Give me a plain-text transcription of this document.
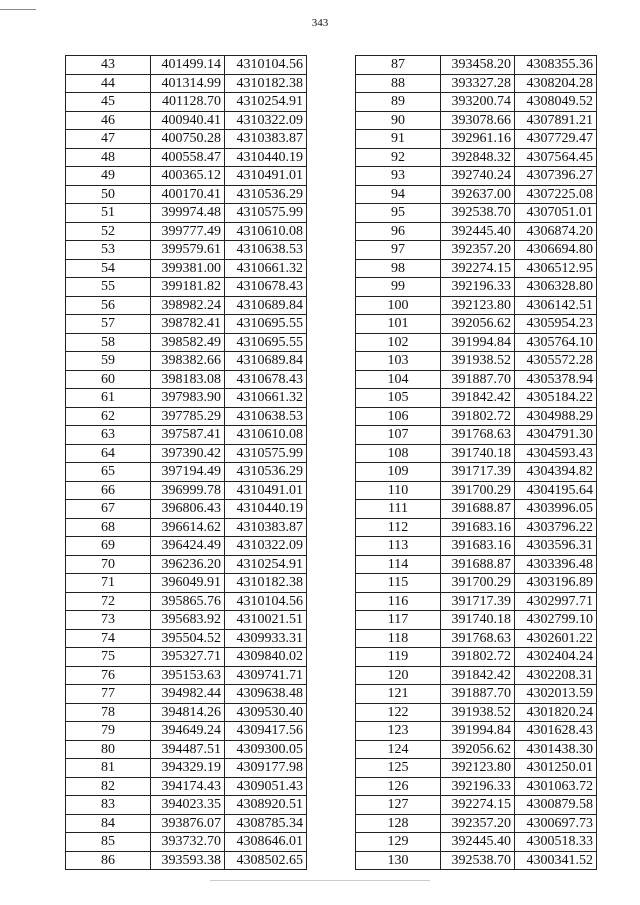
343
43	401499.14	4310104.56
44	401314.99	4310182.38
45	401128.70	4310254.91
46	400940.41	4310322.09
47	400750.28	4310383.87
48	400558.47	4310440.19
49	400365.12	4310491.01
50	400170.41	4310536.29
51	399974.48	4310575.99
52	399777.49	4310610.08
53	399579.61	4310638.53
54	399381.00	4310661.32
55	399181.82	4310678.43
56	398982.24	4310689.84
57	398782.41	4310695.55
58	398582.49	4310695.55
59	398382.66	4310689.84
60	398183.08	4310678.43
61	397983.90	4310661.32
62	397785.29	4310638.53
63	397587.41	4310610.08
64	397390.42	4310575.99
65	397194.49	4310536.29
66	396999.78	4310491.01
67	396806.43	4310440.19
68	396614.62	4310383.87
69	396424.49	4310322.09
70	396236.20	4310254.91
71	396049.91	4310182.38
72	395865.76	4310104.56
73	395683.92	4310021.51
74	395504.52	4309933.31
75	395327.71	4309840.02
76	395153.63	4309741.71
77	394982.44	4309638.48
78	394814.26	4309530.40
79	394649.24	4309417.56
80	394487.51	4309300.05
81	394329.19	4309177.98
82	394174.43	4309051.43
83	394023.35	4308920.51
84	393876.07	4308785.34
85	393732.70	4308646.01
86	393593.38	4308502.65
87	393458.20	4308355.36
88	393327.28	4308204.28
89	393200.74	4308049.52
90	393078.66	4307891.21
91	392961.16	4307729.47
92	392848.32	4307564.45
93	392740.24	4307396.27
94	392637.00	4307225.08
95	392538.70	4307051.01
96	392445.40	4306874.20
97	392357.20	4306694.80
98	392274.15	4306512.95
99	392196.33	4306328.80
100	392123.80	4306142.51
101	392056.62	4305954.23
102	391994.84	4305764.10
103	391938.52	4305572.28
104	391887.70	4305378.94
105	391842.42	4305184.22
106	391802.72	4304988.29
107	391768.63	4304791.30
108	391740.18	4304593.43
109	391717.39	4304394.82
110	391700.29	4304195.64
111	391688.87	4303996.05
112	391683.16	4303796.22
113	391683.16	4303596.31
114	391688.87	4303396.48
115	391700.29	4303196.89
116	391717.39	4302997.71
117	391740.18	4302799.10
118	391768.63	4302601.22
119	391802.72	4302404.24
120	391842.42	4302208.31
121	391887.70	4302013.59
122	391938.52	4301820.24
123	391994.84	4301628.43
124	392056.62	4301438.30
125	392123.80	4301250.01
126	392196.33	4301063.72
127	392274.15	4300879.58
128	392357.20	4300697.73
129	392445.40	4300518.33
130	392538.70	4300341.52
